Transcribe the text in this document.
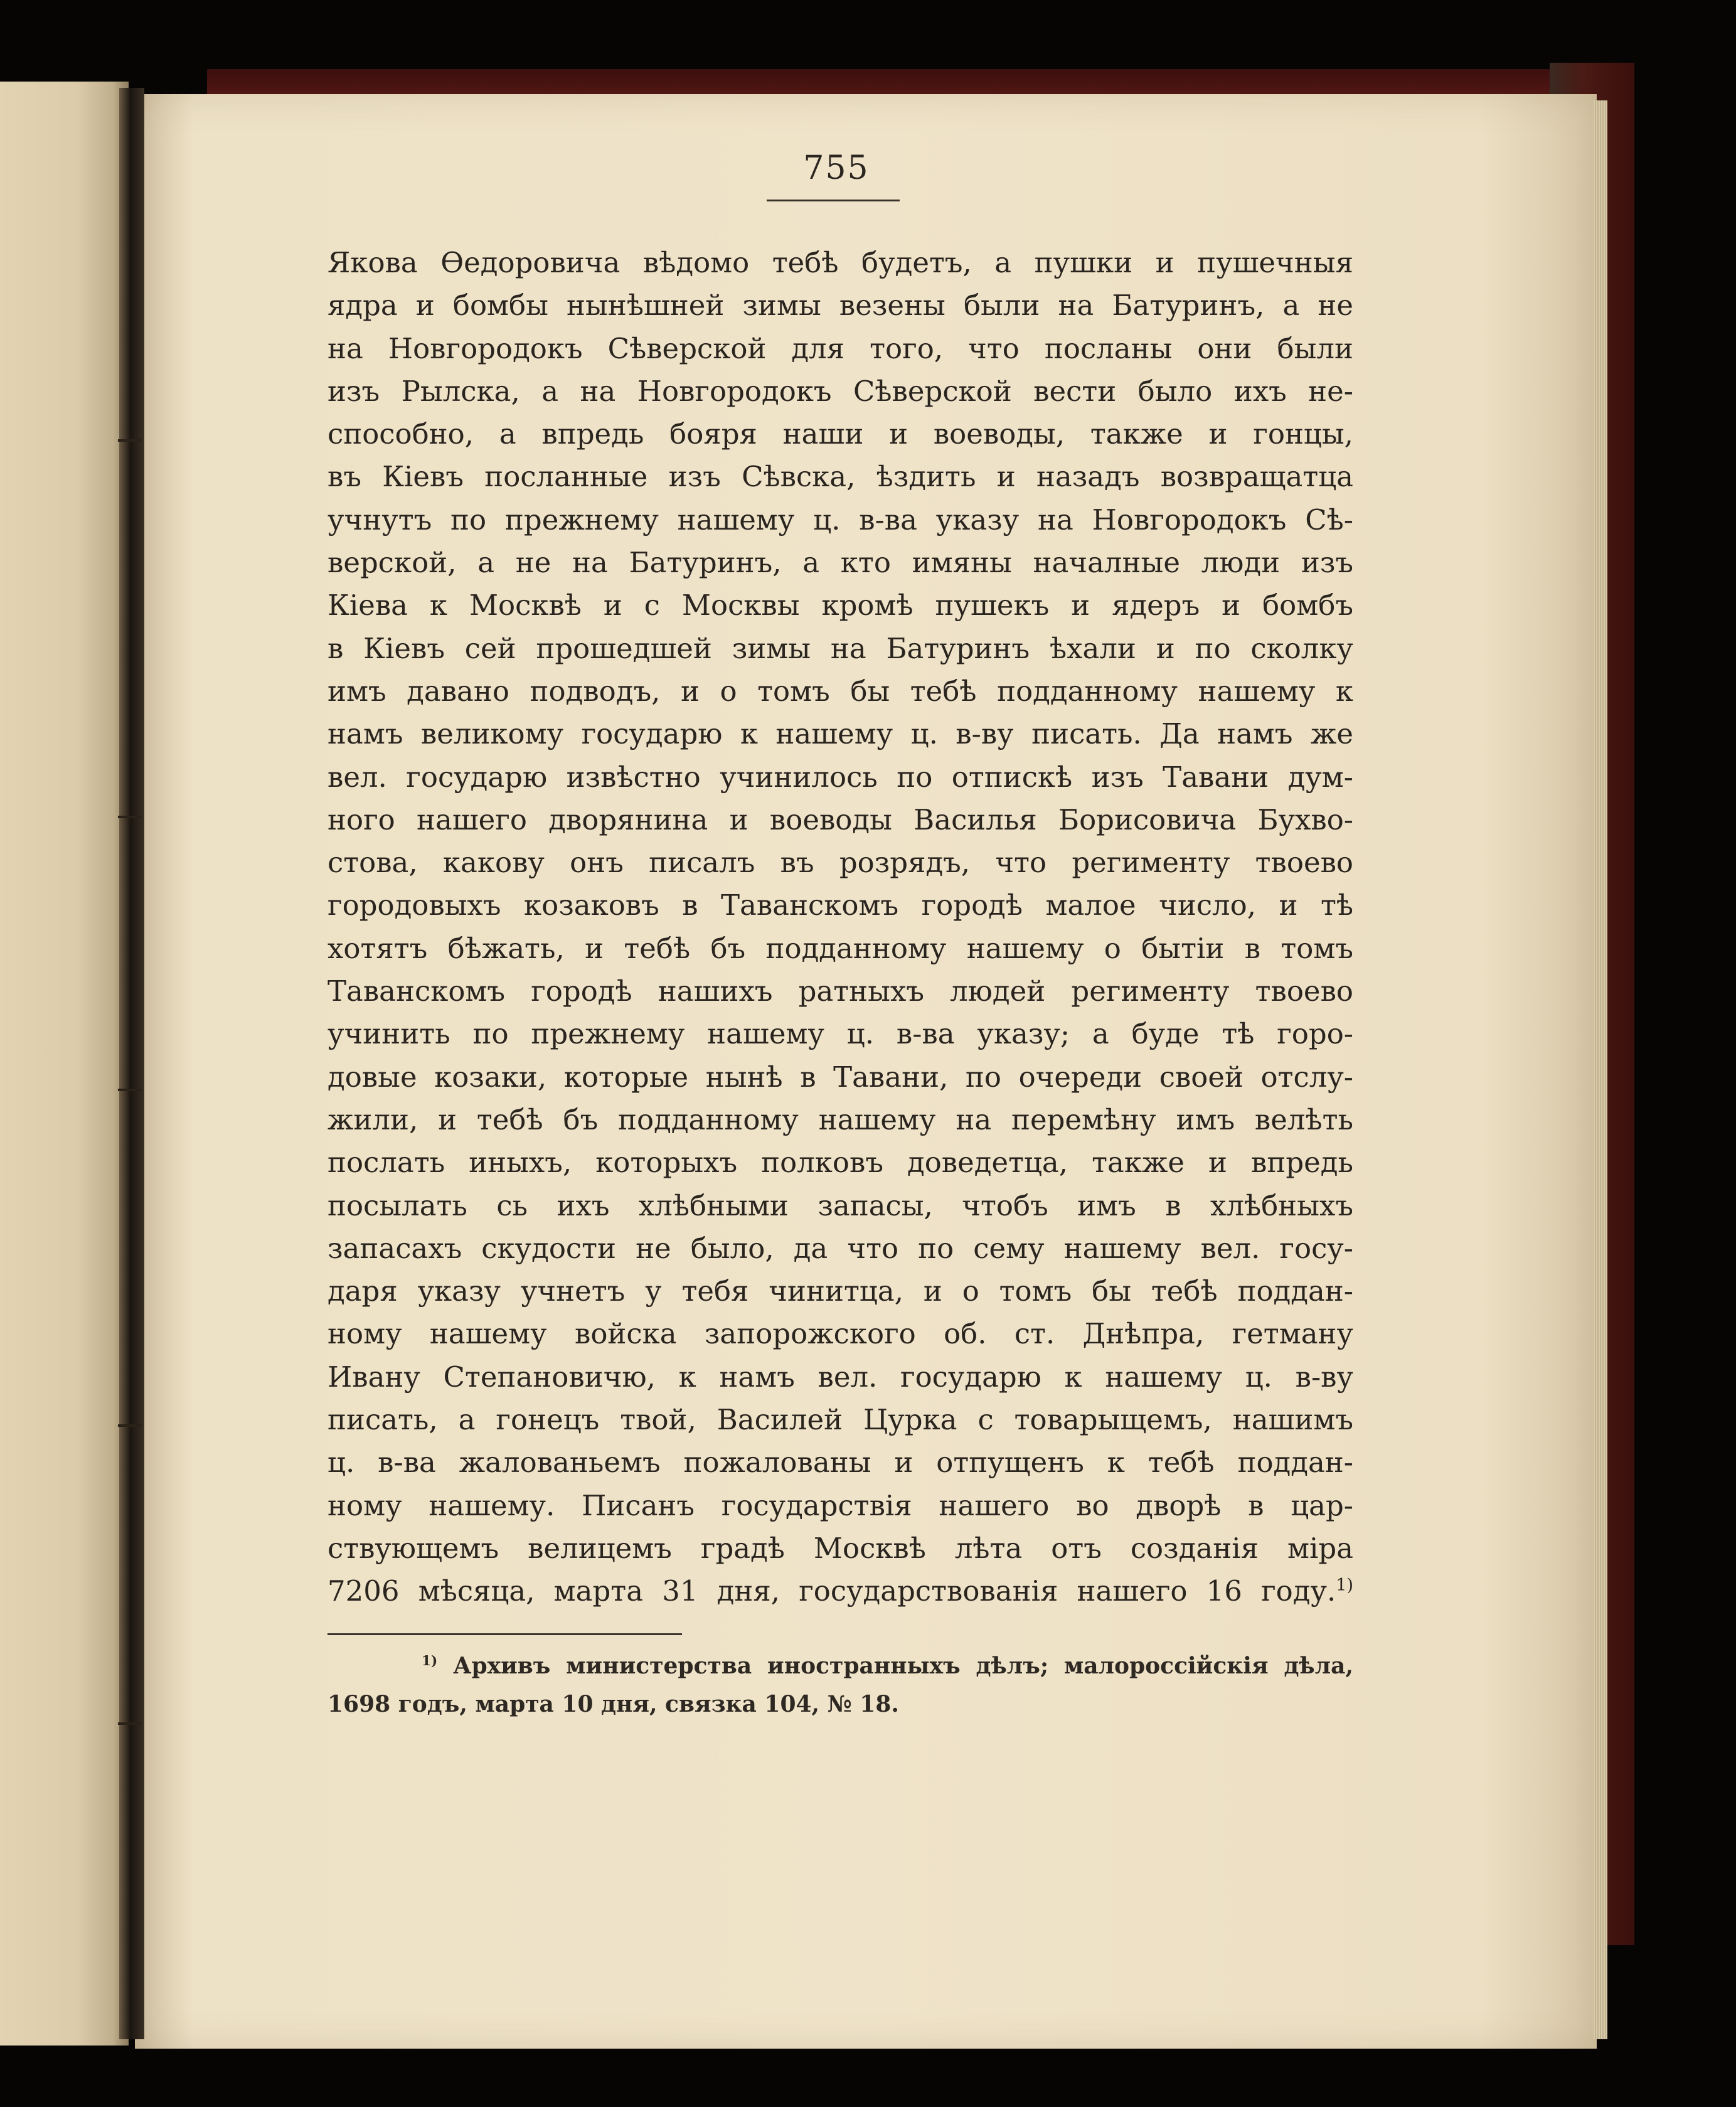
755
Якова Өедоровича вѣдомо тебѣ будетъ, а пушки и пушечныя
ядра и бомбы нынѣшней зимы везены были на Батуринъ, а не
на Новгородокъ Сѣверской для того, что посланы они были
изъ Рылска, а на Новгородокъ Сѣверской вести было ихъ не-
способно, а впредь бояря наши и воеводы, также и гонцы,
въ Кіевъ посланные изъ Сѣвска, ѣздить и назадъ возвращатца
учнутъ по прежнему нашему ц. в-ва указу на Новгородокъ Сѣ-
верской, а не на Батуринъ, а кто имяны началные люди изъ
Кіева к Москвѣ и с Москвы кромѣ пушекъ и ядеръ и бомбъ
в Кіевъ сей прошедшей зимы на Батуринъ ѣхали и по сколку
имъ давано подводъ, и о томъ бы тебѣ подданному нашему к
намъ великому государю к нашему ц. в-ву писать. Да намъ же
вел. государю извѣстно учинилось по отпискѣ изъ Тавани дум-
ного нашего дворянина и воеводы Василья Борисовича Бухво-
стова, какову онъ писалъ въ розрядъ, что регименту твоево
городовыхъ козаковъ в Таванскомъ городѣ малое число, и тѣ
хотятъ бѣжать, и тебѣ бъ подданному нашему о бытіи в томъ
Таванскомъ городѣ нашихъ ратныхъ людей регименту твоево
учинить по прежнему нашему ц. в-ва указу; а буде тѣ горо-
довые козаки, которые нынѣ в Тавани, по очереди своей отслу-
жили, и тебѣ бъ подданному нашему на перемѣну имъ велѣть
послать иныхъ, которыхъ полковъ доведетца, также и впредь
посылать сь ихъ хлѣбными запасы, чтобъ имъ в хлѣбныхъ
запасахъ скудости не было, да что по сему нашему вел. госу-
даря указу учнетъ у тебя чинитца, и о томъ бы тебѣ поддан-
ному нашему войска запорожского об. ст. Днѣпра, гетману
Ивану Степановичю, к намъ вел. государю к нашему ц. в-ву
писать, а гонецъ твой, Василей Цурка с товарыщемъ, нашимъ
ц. в-ва жалованьемъ пожалованы и отпущенъ к тебѣ поддан-
ному нашему. Писанъ государствія нашего во дворѣ в цар-
ствующемъ велицемъ градѣ Москвѣ лѣта отъ созданія міра
7206 мѣсяца, марта 31 дня, государствованія нашего 16 году.$^{1)}$
$^{1)}$ Архивъ министерства иностранныхъ дѣлъ; малороссійскія дѣла,
1698 годъ, марта 10 дня, связка 104, № 18.
